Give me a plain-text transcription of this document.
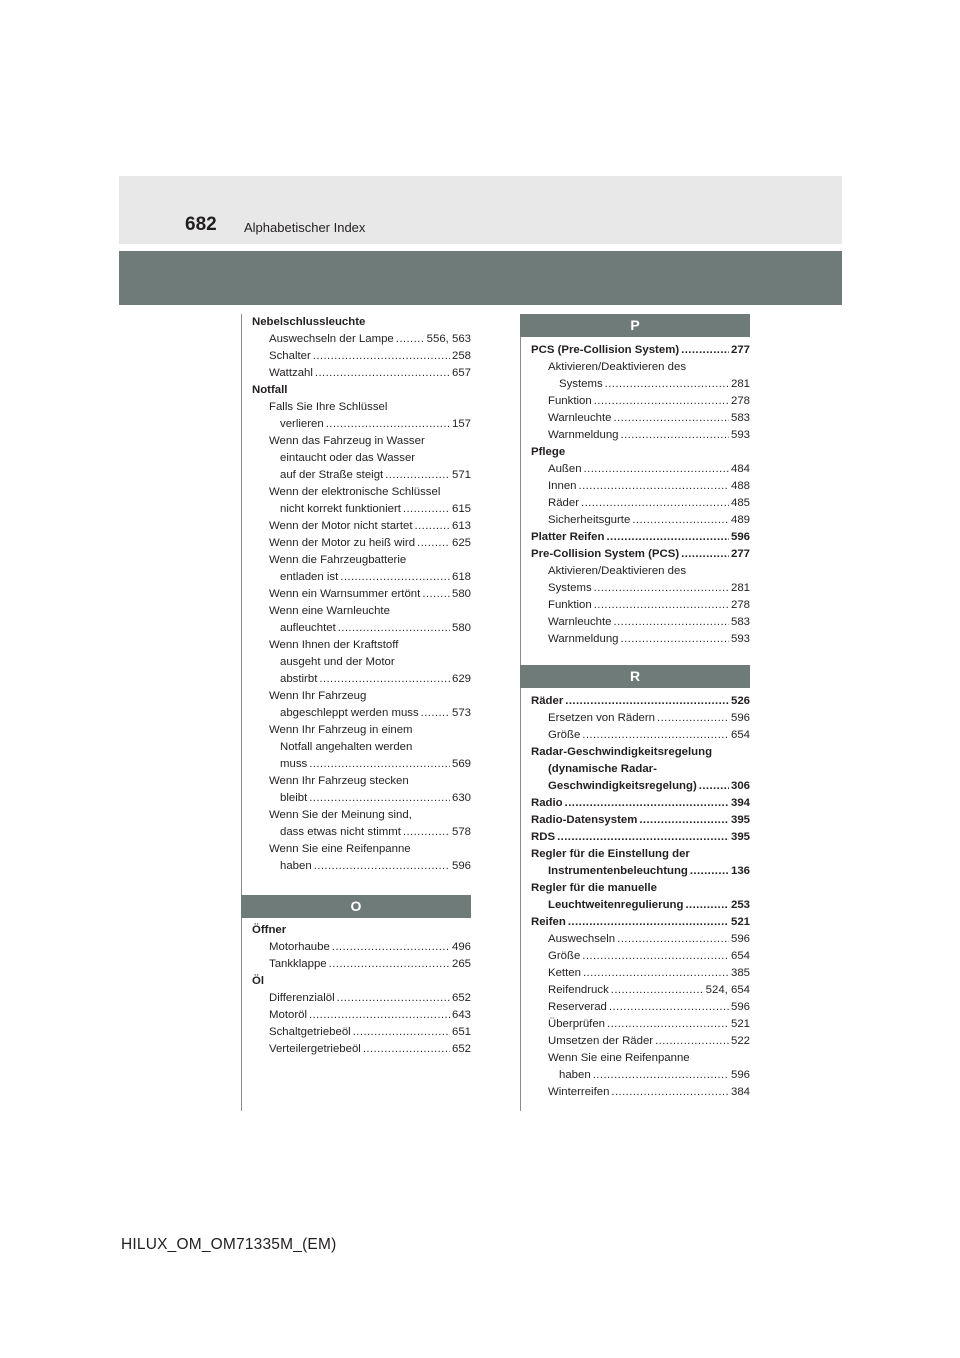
682 Alphabetischer Index
Nebelschlussleuchte
Auswechseln der Lampe .....	556, 563
Schalter .....	258
Wattzahl .....	657
Notfall
Falls Sie Ihre Schlüssel
verlieren .....	157
Wenn das Fahrzeug in Wasser
eintaucht oder das Wasser
auf der Straße steigt .....	571
Wenn der elektronische Schlüssel
nicht korrekt funktioniert .....	615
Wenn der Motor nicht startet .....	613
Wenn der Motor zu heiß wird .....	625
Wenn die Fahrzeugbatterie
entladen ist .....	618
Wenn ein Warnsummer ertönt .....	580
Wenn eine Warnleuchte
aufleuchtet .....	580
Wenn Ihnen der Kraftstoff
ausgeht und der Motor
abstirbt .....	629
Wenn Ihr Fahrzeug
abgeschleppt werden muss .....	573
Wenn Ihr Fahrzeug in einem
Notfall angehalten werden
muss .....	569
Wenn Ihr Fahrzeug stecken
bleibt .....	630
Wenn Sie der Meinung sind,
dass etwas nicht stimmt .....	578
Wenn Sie eine Reifenpanne
haben .....	596
O
Öffner
Motorhaube .....	496
Tankklappe .....	265
Öl
Differenzialöl .....	652
Motoröl .....	643
Schaltgetriebeöl .....	651
Verteilergetriebeöl .....	652
P
PCS (Pre-Collision System) .....	277
Aktivieren/Deaktivieren des
Systems .....	281
Funktion .....	278
Warnleuchte .....	583
Warnmeldung .....	593
Pflege
Außen .....	484
Innen .....	488
Räder .....	485
Sicherheitsgurte .....	489
Platter Reifen .....	596
Pre-Collision System (PCS) .....	277
Aktivieren/Deaktivieren des
Systems .....	281
Funktion .....	278
Warnleuchte .....	583
Warnmeldung .....	593
R
Räder .....	526
Ersetzen von Rädern .....	596
Größe .....	654
Radar-Geschwindigkeitsregelung
(dynamische Radar-
Geschwindigkeitsregelung) .....	306
Radio .....	394
Radio-Datensystem .....	395
RDS .....	395
Regler für die Einstellung der
Instrumentenbeleuchtung .....	136
Regler für die manuelle
Leuchtweitenregulierung .....	253
Reifen .....	521
Auswechseln .....	596
Größe .....	654
Ketten .....	385
Reifendruck .....	524, 654
Reserverad .....	596
Überprüfen .....	521
Umsetzen der Räder .....	522
Wenn Sie eine Reifenpanne
haben .....	596
Winterreifen .....	384
HILUX_OM_OM71335M_(EM)
